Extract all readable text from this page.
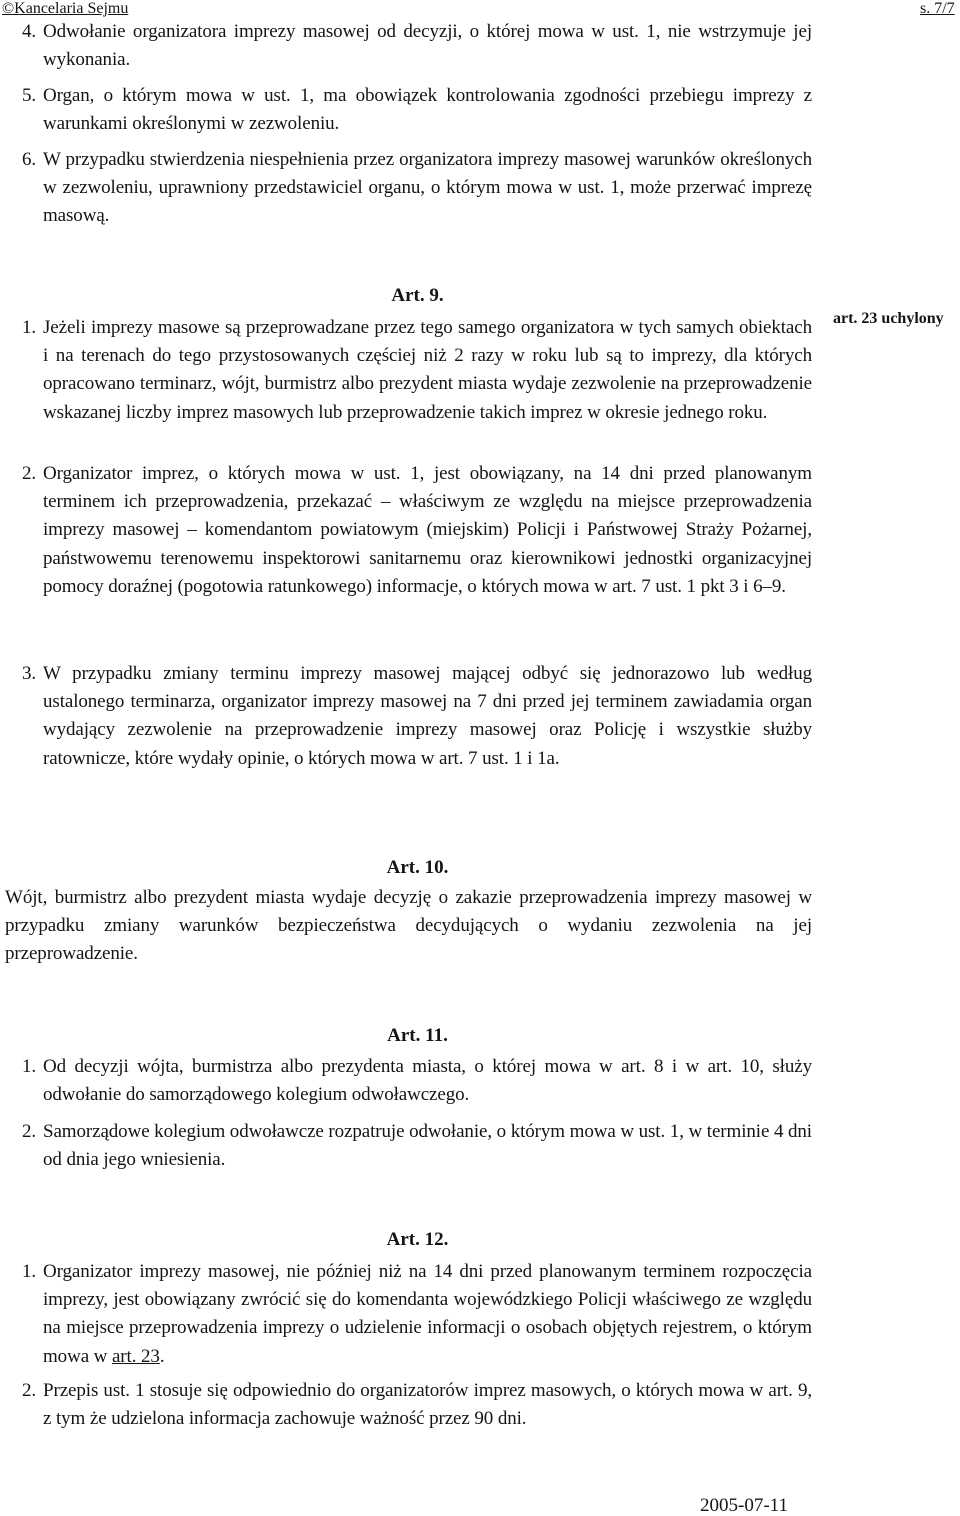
©Kancelaria Sejmu	s. 7/7
4. Odwołanie organizatora imprezy masowej od decyzji, o której mowa w ust. 1, nie wstrzymuje jej wykonania.
5. Organ, o którym mowa w ust. 1, ma obowiązek kontrolowania zgodności przebiegu imprezy z warunkami określonymi w zezwoleniu.
6. W przypadku stwierdzenia niespełnienia przez organizatora imprezy masowej warunków określonych w zezwoleniu, uprawniony przedstawiciel organu, o którym mowa w ust. 1, może przerwać imprezę masową.
Art. 9.
art. 23 uchylony
1. Jeżeli imprezy masowe są przeprowadzane przez tego samego organizatora w tych samych obiektach i na terenach do tego przystosowanych częściej niż 2 razy w roku lub są to imprezy, dla których opracowano terminarz, wójt, burmistrz albo prezydent miasta wydaje zezwolenie na przeprowadzenie wskazanej liczby imprez masowych lub przeprowadzenie takich imprez w okresie jednego roku.
2. Organizator imprez, o których mowa w ust. 1, jest obowiązany, na 14 dni przed planowanym terminem ich przeprowadzenia, przekazać – właściwym ze względu na miejsce przeprowadzenia imprezy masowej – komendantom powiatowym (miejskim) Policji i Państwowej Straży Pożarnej, państwowemu terenowemu inspektorowi sanitarnemu oraz kierownikowi jednostki organizacyjnej pomocy doraźnej (pogotowia ratunkowego) informacje, o których mowa w art. 7 ust. 1 pkt 3 i 6–9.
3. W przypadku zmiany terminu imprezy masowej mającej odbyć się jednorazowo lub według ustalonego terminarza, organizator imprezy masowej na 7 dni przed jej terminem zawiadamia organ wydający zezwolenie na przeprowadzenie imprezy masowej oraz Policję i wszystkie służby ratownicze, które wydały opinie, o których mowa w art. 7 ust. 1 i 1a.
Art. 10.
Wójt, burmistrz albo prezydent miasta wydaje decyzję o zakazie przeprowadzenia imprezy masowej w przypadku zmiany warunków bezpieczeństwa decydujących o wydaniu zezwolenia na jej przeprowadzenie.
Art. 11.
1. Od decyzji wójta, burmistrza albo prezydenta miasta, o której mowa w art. 8 i w art. 10, służy odwołanie do samorządowego kolegium odwoławczego.
2. Samorządowe kolegium odwoławcze rozpatruje odwołanie, o którym mowa w ust. 1, w terminie 4 dni od dnia jego wniesienia.
Art. 12.
1. Organizator imprezy masowej, nie później niż na 14 dni przed planowanym terminem rozpoczęcia imprezy, jest obowiązany zwrócić się do komendanta wojewódzkiego Policji właściwego ze względu na miejsce przeprowadzenia imprezy o udzielenie informacji o osobach objętych rejestrem, o którym mowa w art. 23.
2. Przepis ust. 1 stosuje się odpowiednio do organizatorów imprez masowych, o których mowa w art. 9, z tym że udzielona informacja zachowuje ważność przez 90 dni.
2005-07-11
